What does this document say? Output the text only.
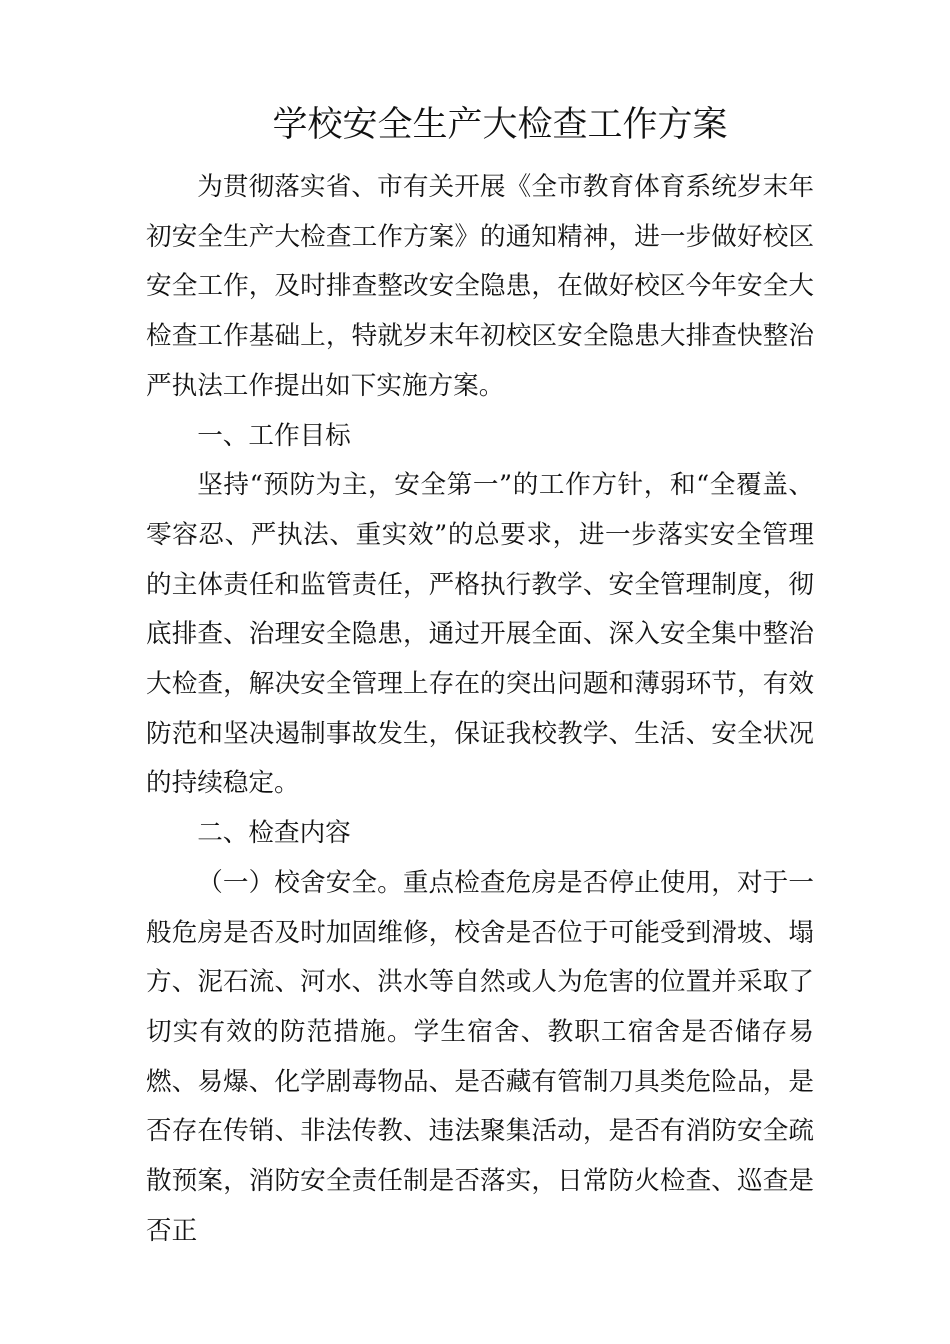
学校安全生产大检查工作方案

为贯彻落实省、市有关开展《全市教育体育系统岁末年初安全生产大检查工作方案》的通知精神，进一步做好校区安全工作，及时排查整改安全隐患，在做好校区今年安全大检查工作基础上，特就岁末年初校区安全隐患大排查快整治严执法工作提出如下实施方案。

一、工作目标

坚持“预防为主，安全第一”的工作方针，和“全覆盖、零容忍、严执法、重实效”的总要求，进一步落实安全管理的主体责任和监管责任，严格执行教学、安全管理制度，彻底排查、治理安全隐患，通过开展全面、深入安全集中整治大检查，解决安全管理上存在的突出问题和薄弱环节，有效防范和坚决遏制事故发生，保证我校教学、生活、安全状况的持续稳定。

二、检查内容

（一）校舍安全。重点检查危房是否停止使用，对于一般危房是否及时加固维修，校舍是否位于可能受到滑坡、塌方、泥石流、河水、洪水等自然或人为危害的位置并采取了切实有效的防范措施。学生宿舍、教职工宿舍是否储存易燃、易爆、化学剧毒物品、是否藏有管制刀具类危险品，是否存在传销、非法传教、违法聚集活动，是否有消防安全疏散预案，消防安全责任制是否落实，日常防火检查、巡查是否正
